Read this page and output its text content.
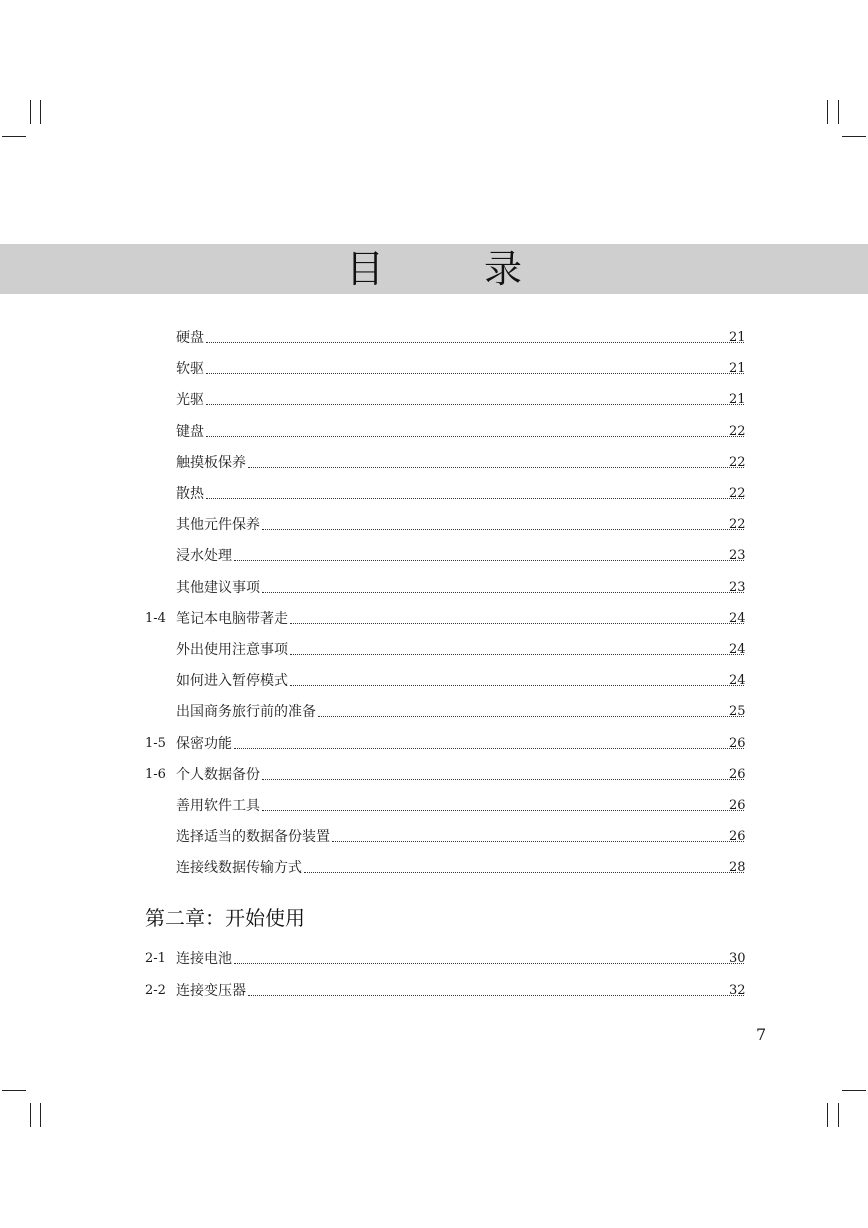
目 录
硬盘	21
软驱	21
光驱	21
键盘	22
触摸板保养	22
散热	22
其他元件保养	22
浸水处理	23
其他建议事项	23
1-4 笔记本电脑带著走	24
外出使用注意事项	24
如何进入暂停模式	24
出国商务旅行前的准备	25
1-5 保密功能	26
1-6 个人数据备份	26
善用软件工具	26
选择适当的数据备份装置	26
连接线数据传输方式	28
第二章：开始使用
2-1 连接电池	30
2-2 连接变压器	32
7
